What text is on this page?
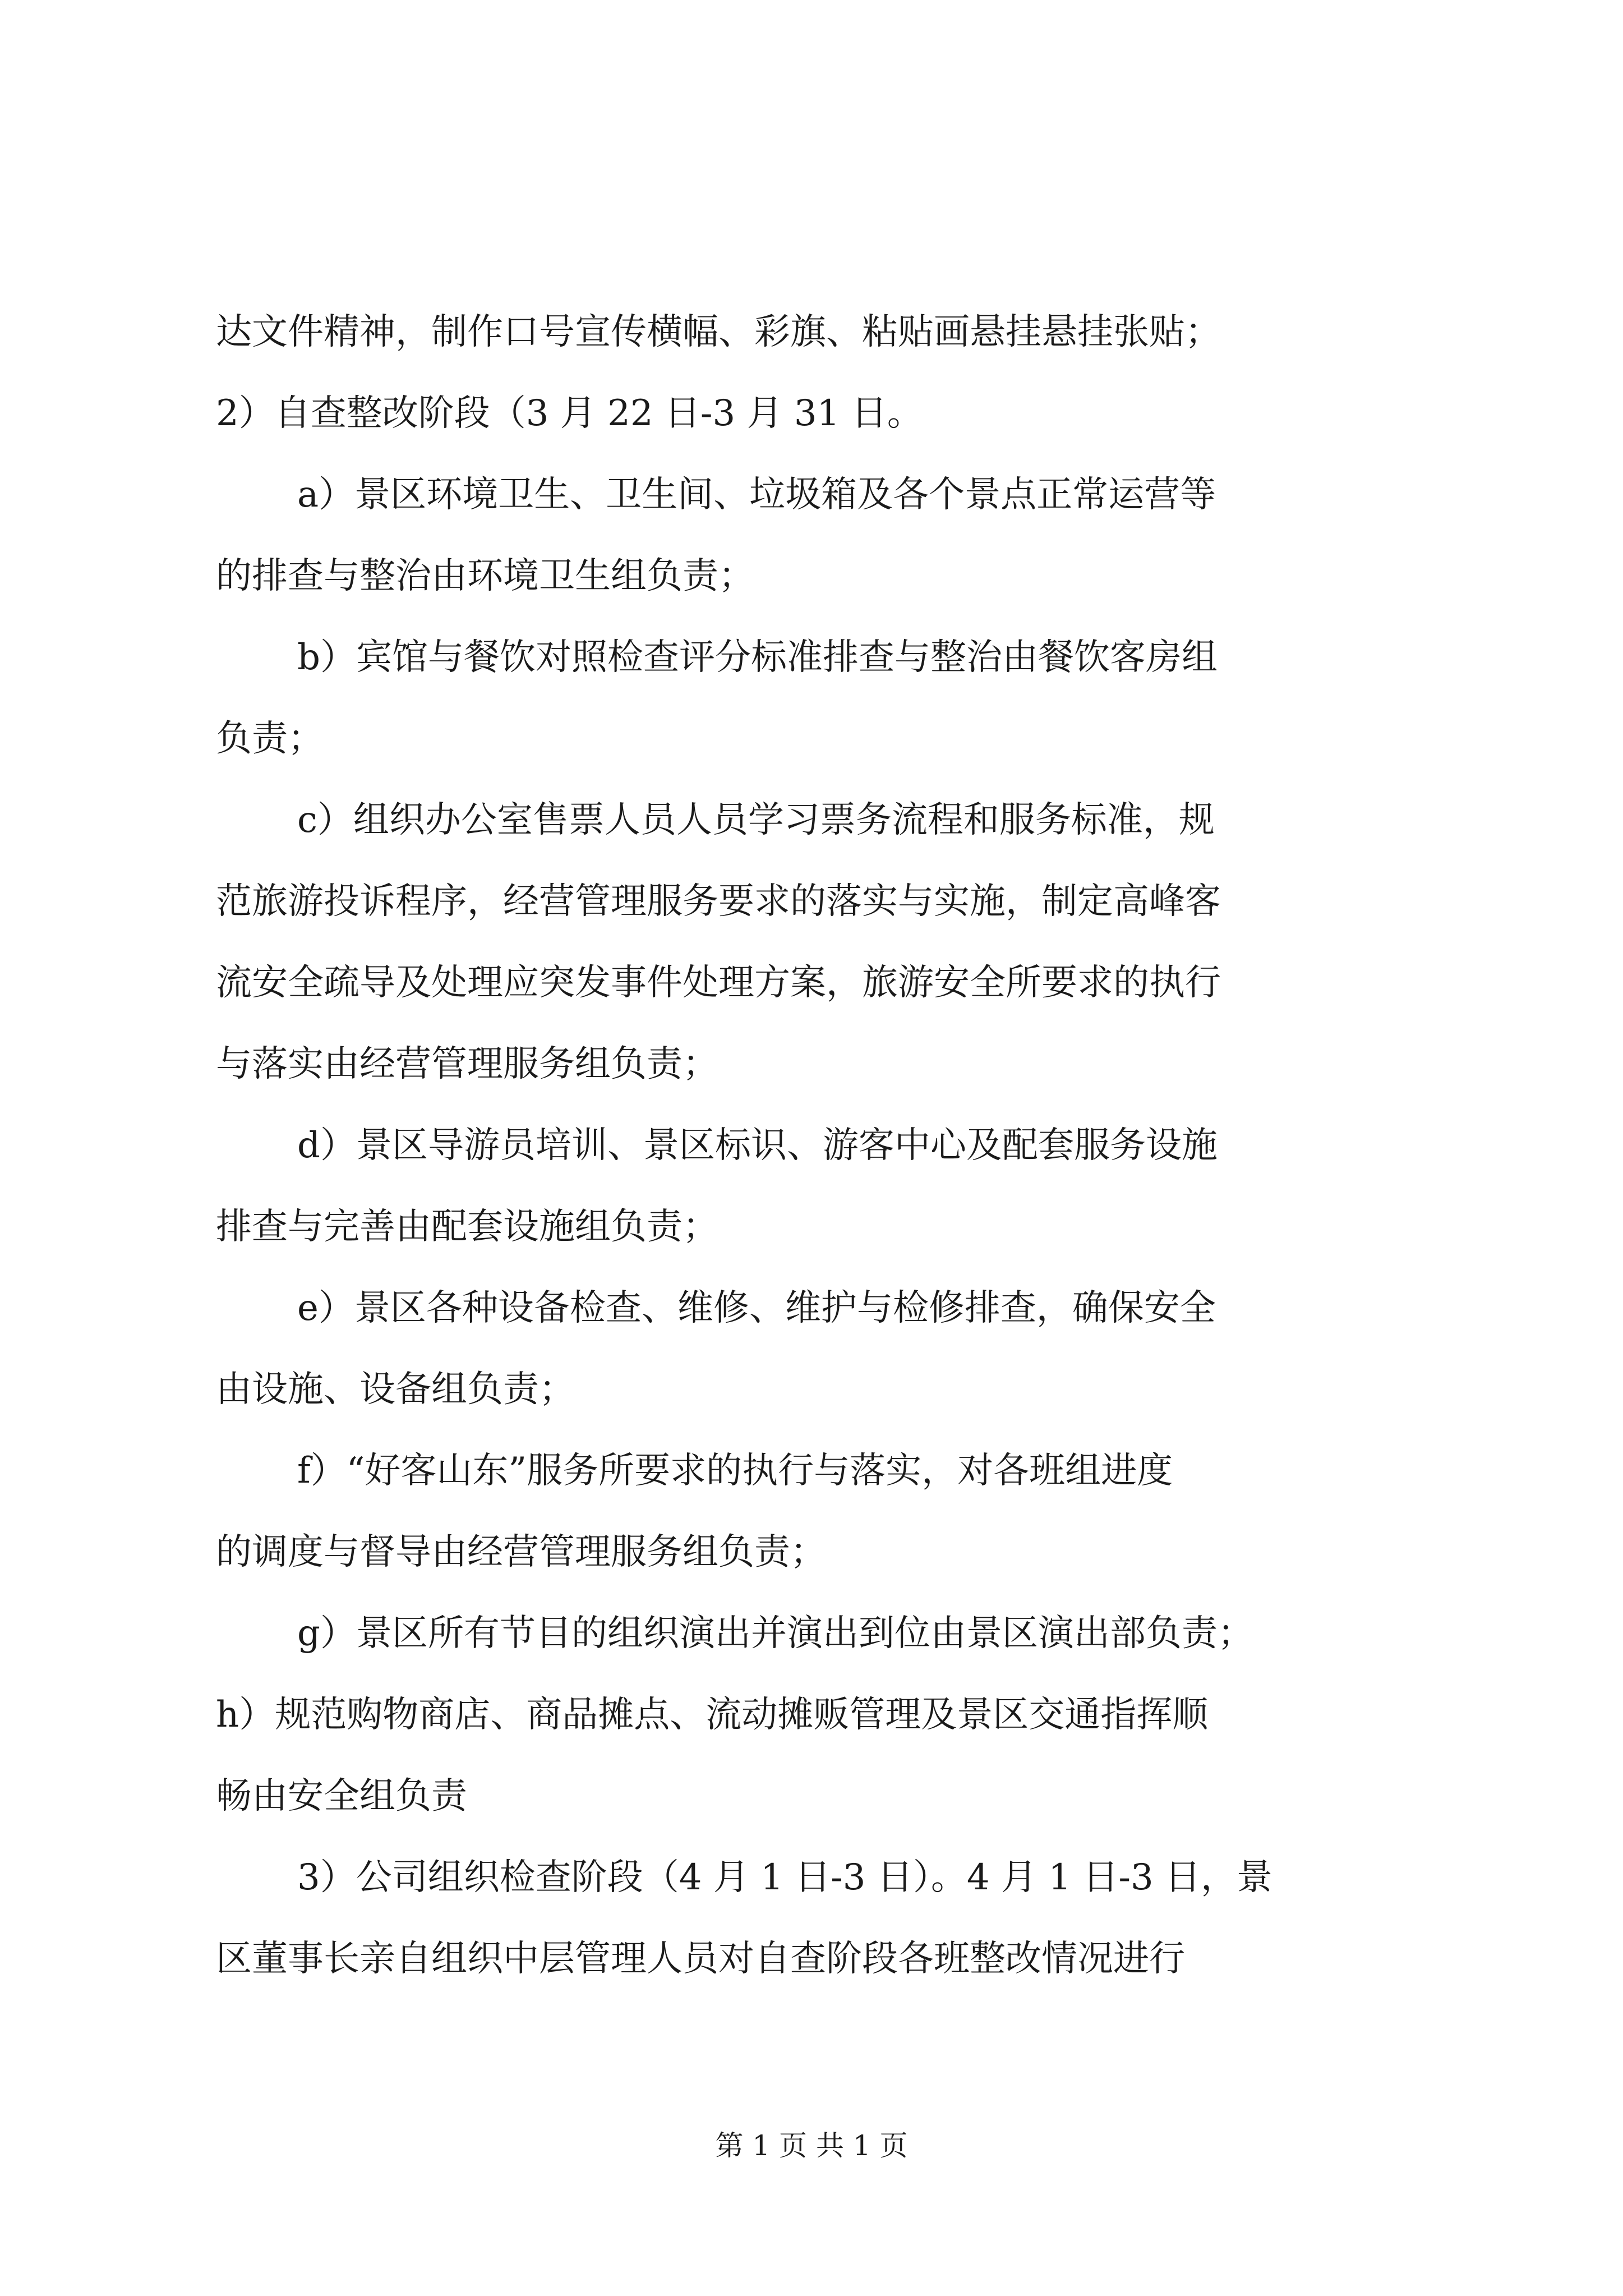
达文件精神，制作口号宣传横幅、彩旗、粘贴画悬挂悬挂张贴；
2）自查整改阶段（3 月 22 日-3 月 31 日。
a）景区环境卫生、卫生间、垃圾箱及各个景点正常运营等
的排查与整治由环境卫生组负责；
b）宾馆与餐饮对照检查评分标准排查与整治由餐饮客房组
负责；
c）组织办公室售票人员人员学习票务流程和服务标准，规
范旅游投诉程序，经营管理服务要求的落实与实施，制定高峰客
流安全疏导及处理应突发事件处理方案，旅游安全所要求的执行
与落实由经营管理服务组负责；
d）景区导游员培训、景区标识、游客中心及配套服务设施
排查与完善由配套设施组负责；
e）景区各种设备检查、维修、维护与检修排查，确保安全
由设施、设备组负责；
f）“好客山东”服务所要求的执行与落实，对各班组进度
的调度与督导由经营管理服务组负责；
g）景区所有节目的组织演出并演出到位由景区演出部负责；
h）规范购物商店、商品摊点、流动摊贩管理及景区交通指挥顺
畅由安全组负责
3）公司组织检查阶段（4 月 1 日-3 日）。4 月 1 日-3 日，景
区董事长亲自组织中层管理人员对自查阶段各班整改情况进行
第 1 页 共 1 页
